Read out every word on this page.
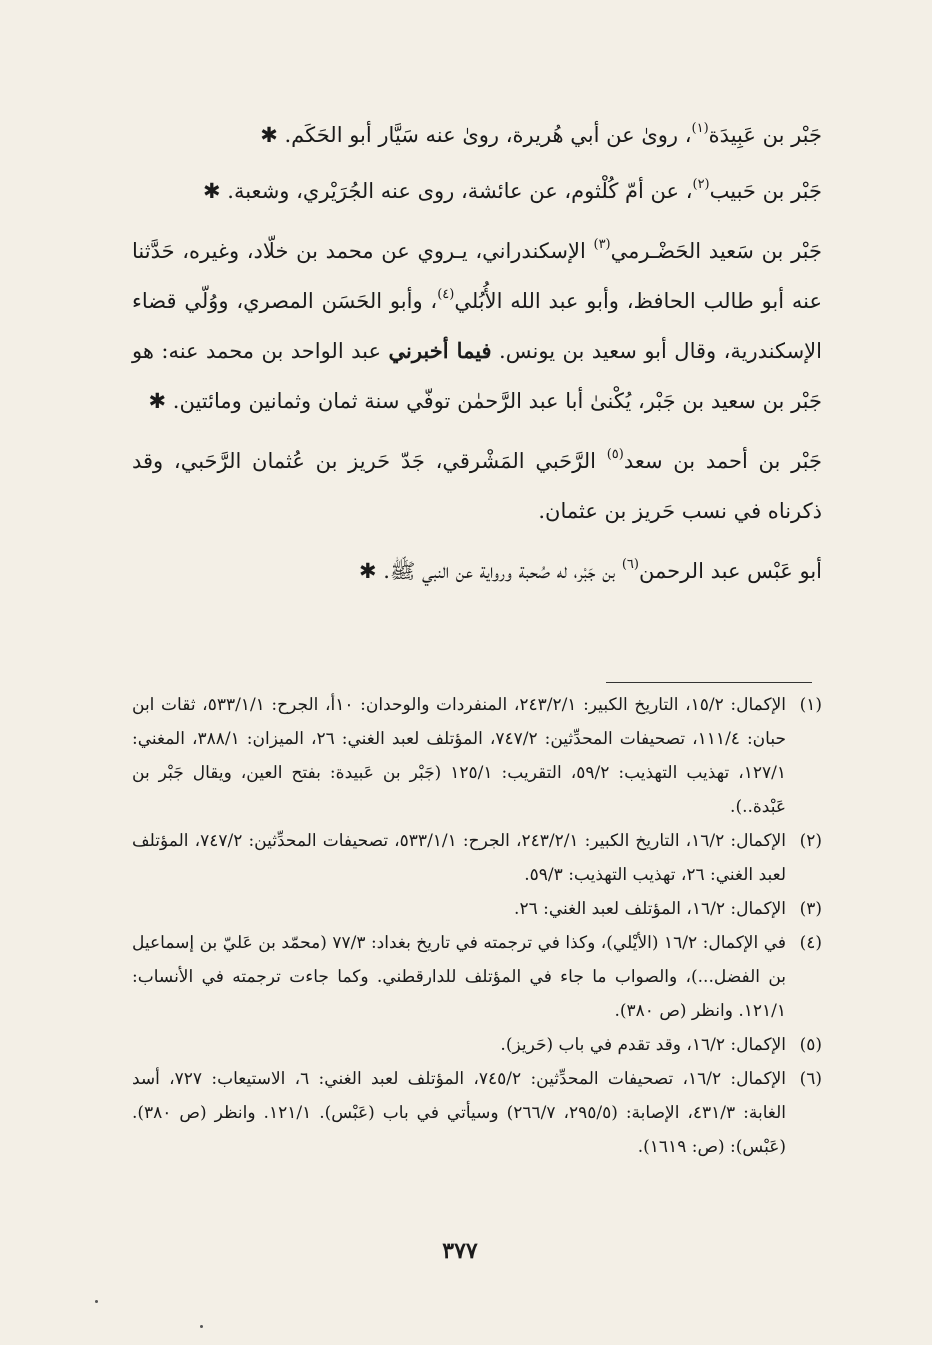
جَبْر بن عَبِيدَة$^{(١)}$، روىٰ عن أبي هُريرة، روىٰ عنه سَيَّار أبو الحَكَم. ✱

جَبْر بن حَبيب$^{(٢)}$، عن أمّ كُلْثوم، عن عائشة، روى عنه الجُرَيْري، وشعبة. ✱

جَبْر بن سَعيد الحَضْـرمي$^{(٣)}$ الإسكندراني، يـروي عن محمد بن خلّاد، وغيره، حَدَّثنا عنه أبو طالب الحافظ، وأبو عبد الله الأُبُلي$^{(٤)}$، وأبو الحَسَن المصري، ووُلّي قضاء الإسكندرية، وقال أبو سعيد بن يونس. فيما أخبرني عبد الواحد بن محمد عنه: هو جَبْر بن سعيد بن جَبْر، يُكْنىٰ أبا عبد الرَّحمٰن توفّي سنة ثمان وثمانين ومائتين. ✱

جَبْر بن أحمد بن سعد$^{(٥)}$ الرَّحَبي المَشْرقي، جَدّ حَريز بن عُثمان الرَّحَبي، وقد ذكرناه في نسب حَريز بن عثمان.

أبو عَبْس عبد الرحمن$^{(٦)}$ بن جَبْر، له صُحبة ورواية عن النبي ﷺ. ✱

(١)
الإكمال: ١٥/٢، التاريخ الكبير: ٢٤٣/٢/١، المنفردات والوحدان: ١٠أ، الجرح: ٥٣٣/١/١، ثقات ابن حبان: ١١١/٤، تصحيفات المحدِّثين: ٧٤٧/٢، المؤتلف لعبد الغني: ٢٦، الميزان: ٣٨٨/١، المغني: ١٢٧/١، تهذيب التهذيب: ٥٩/٢، التقريب: ١٢٥/١ (جَبْر بن عَبيدة: بفتح العين، ويقال جَبْر بن عَبْدة..).
(٢)
الإكمال: ١٦/٢، التاريخ الكبير: ٢٤٣/٢/١، الجرح: ٥٣٣/١/١، تصحيفات المحدِّثين: ٧٤٧/٢، المؤتلف لعبد الغني: ٢٦، تهذيب التهذيب: ٥٩/٣.
(٣)
الإكمال: ١٦/٢، المؤتلف لعبد الغني: ٢٦.
(٤)
في الإكمال: ١٦/٢ (الأيْلي)، وكذا في ترجمته في تاريخ بغداد: ٧٧/٣ (محمّد بن عَليّ بن إسماعيل بن الفضل...)، والصواب ما جاء في المؤتلف للدارقطني. وكما جاءت ترجمته في الأنساب: ١٢١/١. وانظر (ص ٣٨٠).
(٥)
الإكمال: ١٦/٢، وقد تقدم في باب (حَريز).
(٦)
الإكمال: ١٦/٢، تصحيفات المحدِّثين: ٧٤٥/٢، المؤتلف لعبد الغني: ٦، الاستيعاب: ٧٢٧، أسد الغابة: ٤٣١/٣، الإصابة: (٢٩٥/٥، ٢٦٦/٧) وسيأتي في باب (عَبْس). ١٢١/١. وانظر (ص ٣٨٠). (عَبْس): (ص: ١٦١٩).
٣٧٧
